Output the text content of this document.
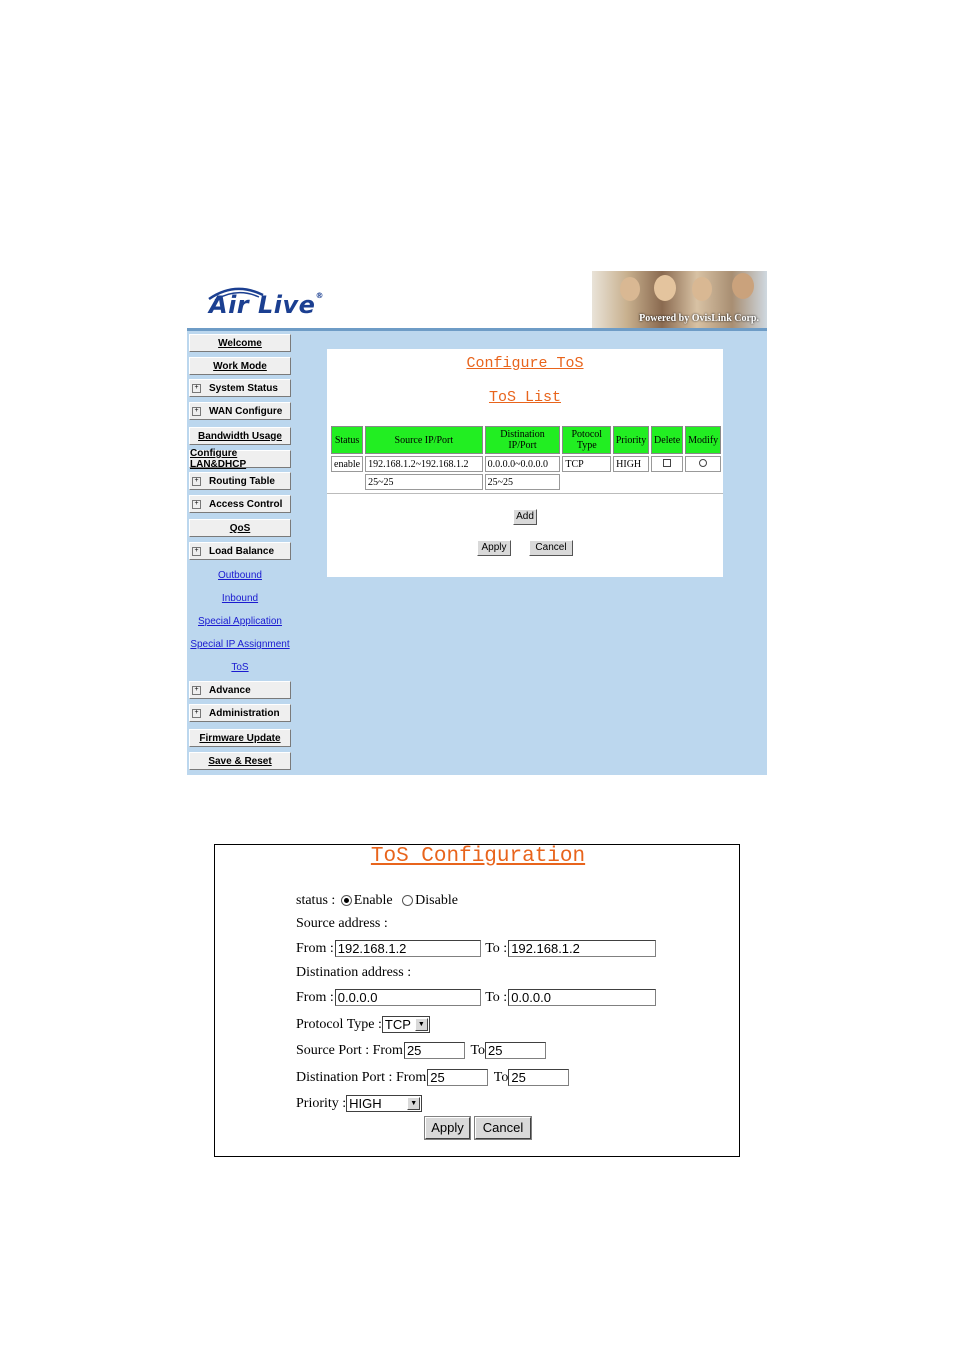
Air Live®
Powered by OvisLink Corp.
Welcome
Work Mode
+ System Status
+ WAN Configure
Bandwidth Usage
Configure LAN&DHCP
+ Routing Table
+ Access Control
QoS
+ Load Balance
+ Advance
+ Administration
Firmware Update
Save & Reset
Outbound
Inbound
Special Application
Special IP Assignment
ToS
Configure ToS
ToS List
Status	Source IP/Port	Distination IP/Port	Potocol Type	Priority	Delete	Modify
enable	192.168.1.2~192.168.1.2	0.0.0.0~0.0.0.0	TCP	HIGH		
	25~25	25~25				
Add
Apply	Cancel
ToS Configuration
status : Enable Disable
Source address :
From : 192.168.1.2	To : 192.168.1.2
Distination address :
From : 0.0.0.0	To : 0.0.0.0
Protocol Type : TCP	▼
Source Port : From 25	To 25
Distination Port : From 25	To 25
Priority : HIGH	▼
Apply	Cancel
